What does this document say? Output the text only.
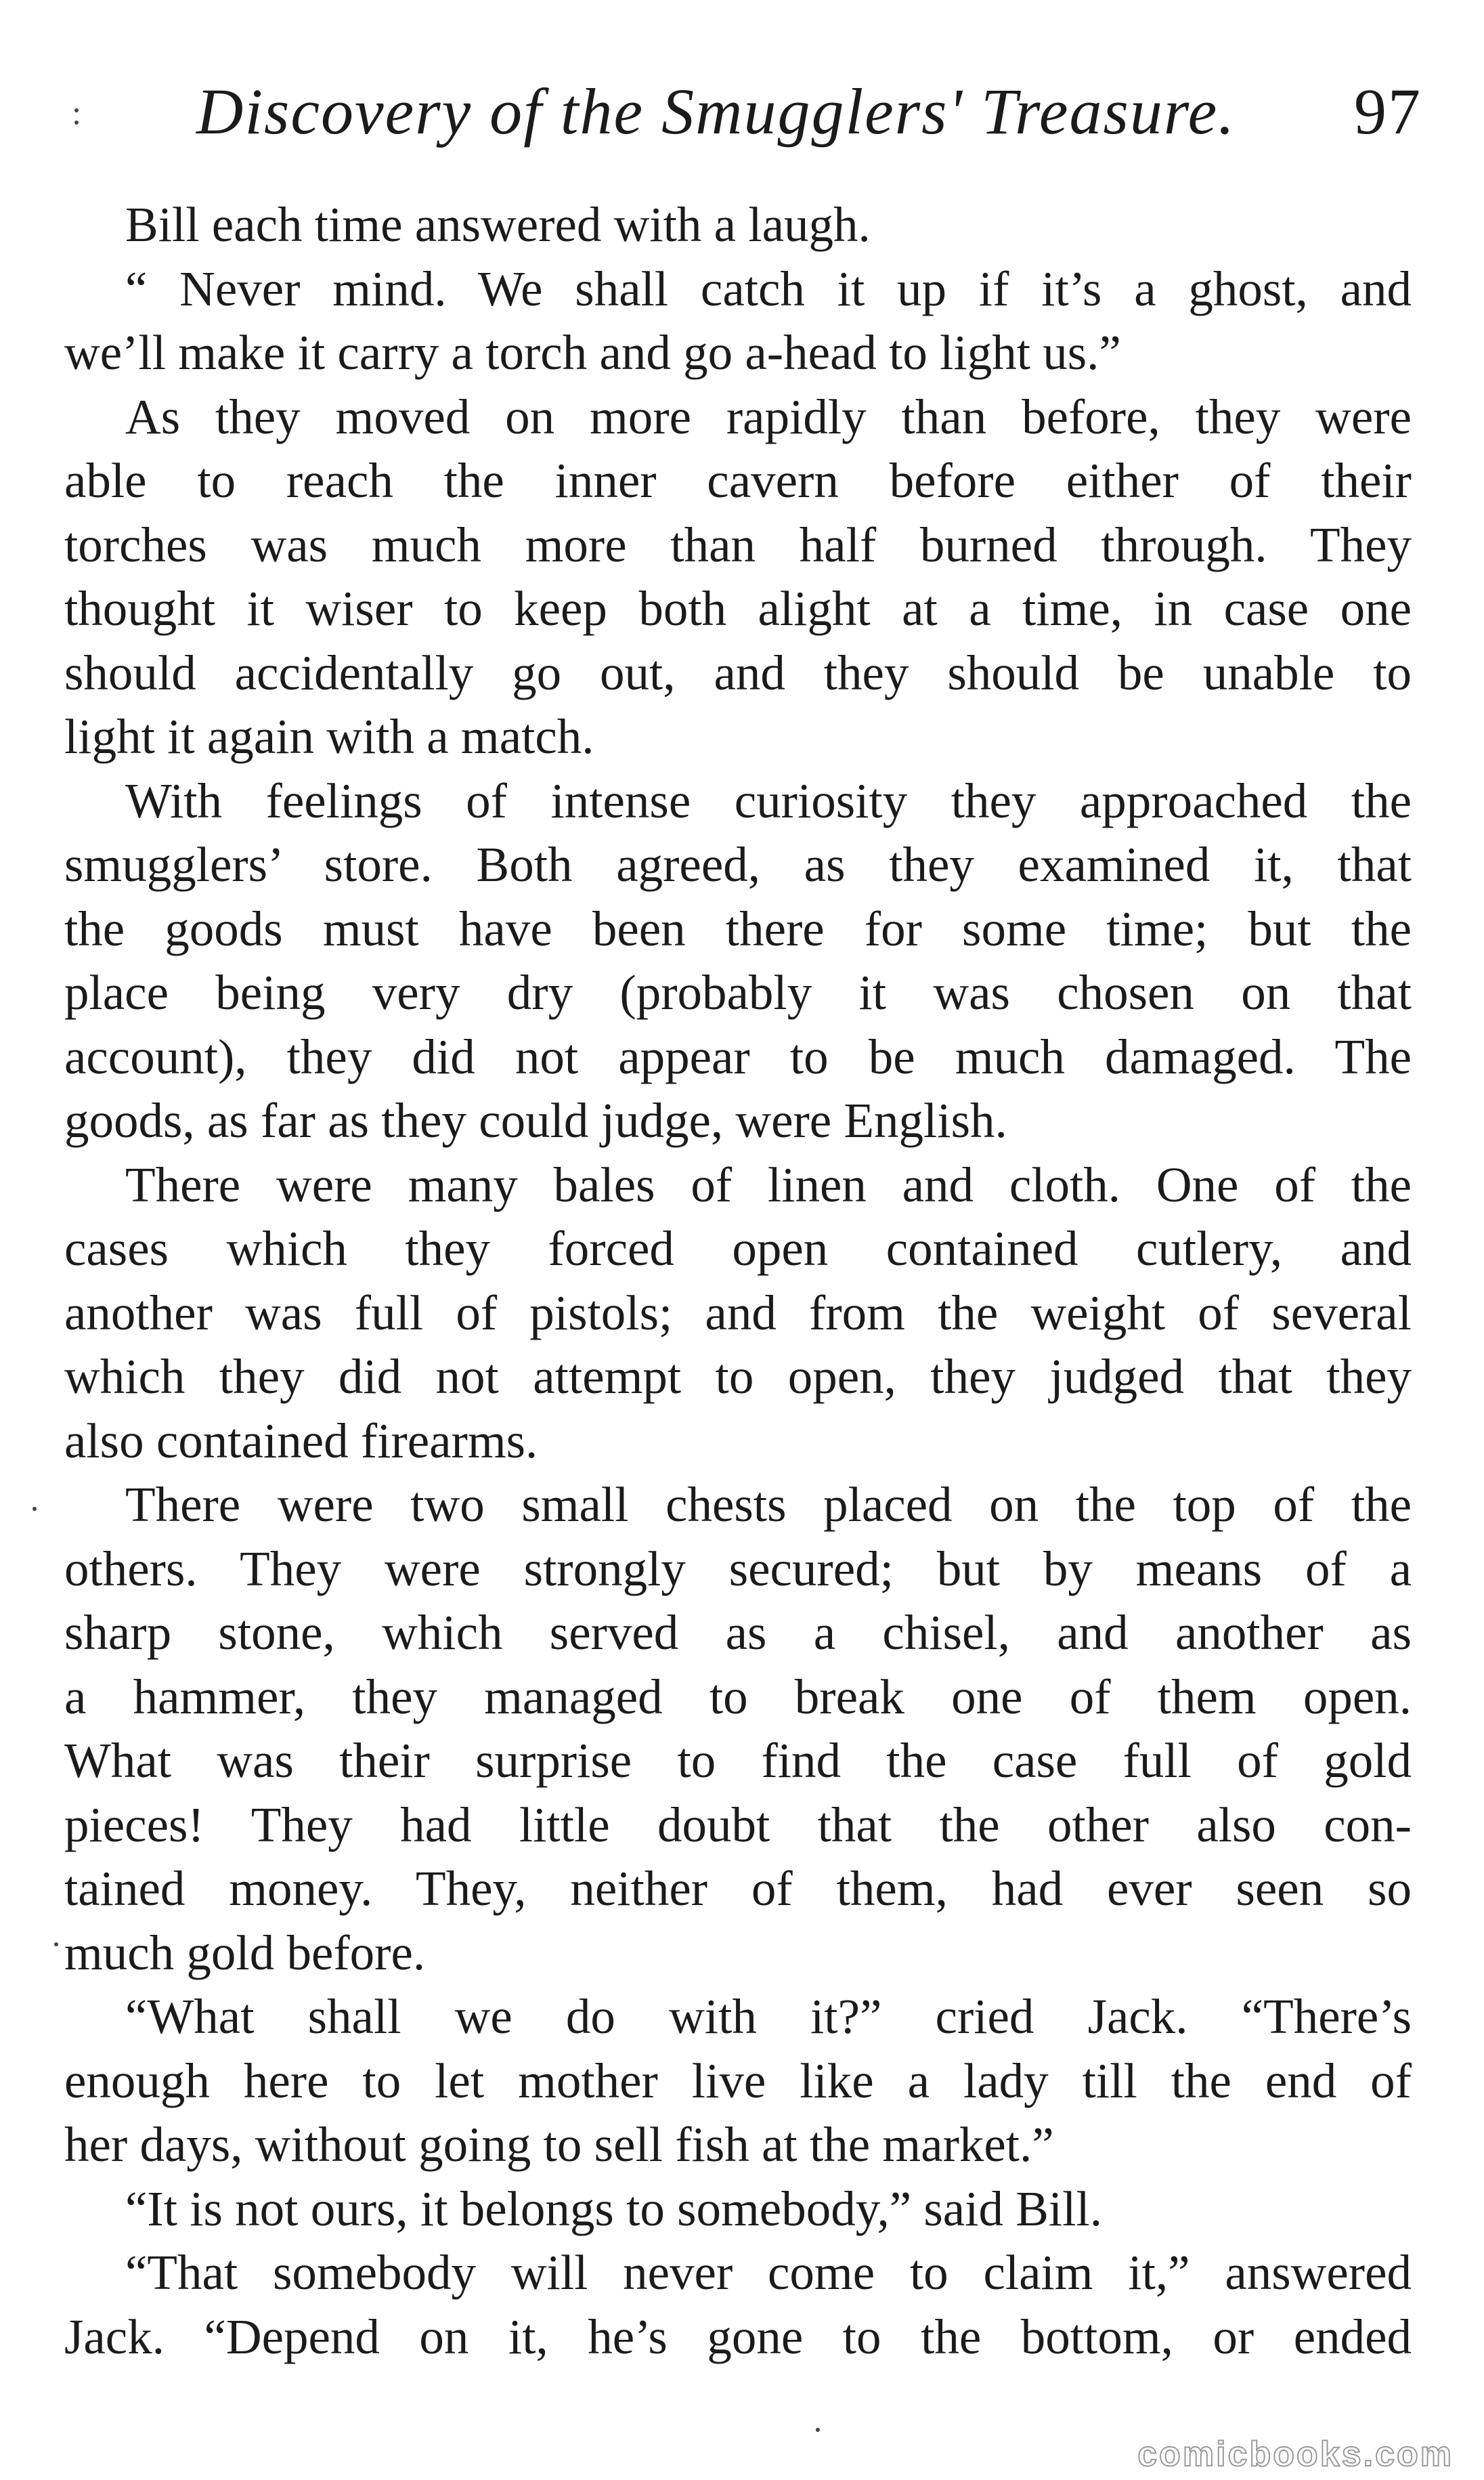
Discovery of the Smugglers' Treasure. 97

Bill each time answered with a laugh.

“ Never mind. We shall catch it up if it’s a ghost, and
we’ll make it carry a torch and go a-head to light us.”

As they moved on more rapidly than before, they were
able to reach the inner cavern before either of their
torches was much more than half burned through. They
thought it wiser to keep both alight at a time, in case one
should accidentally go out, and they should be unable to
light it again with a match.

With feelings of intense curiosity they approached the
smugglers’ store. Both agreed, as they examined it, that
the goods must have been there for some time; but the
place being very dry (probably it was chosen on that
account), they did not appear to be much damaged. The
goods, as far as they could judge, were English.

There were many bales of linen and cloth. One of the
cases which they forced open contained cutlery, and
another was full of pistols; and from the weight of several
which they did not attempt to open, they judged that they
also contained firearms.

There were two small chests placed on the top of the
others. They were strongly secured; but by means of a
sharp stone, which served as a chisel, and another as
a hammer, they managed to break one of them open.
What was their surprise to find the case full of gold
pieces! They had little doubt that the other also con-
tained money. They, neither of them, had ever seen so
much gold before.

“What shall we do with it?” cried Jack. “There’s
enough here to let mother live like a lady till the end of
her days, without going to sell fish at the market.”

“It is not ours, it belongs to somebody,” said Bill.

“That somebody will never come to claim it,” answered
Jack. “Depend on it, he’s gone to the bottom, or ended

comicbooks.com
